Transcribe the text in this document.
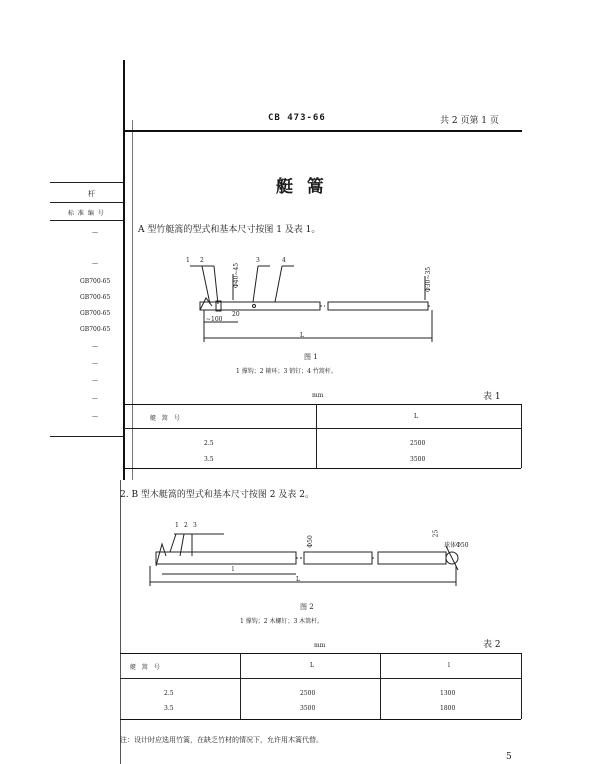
CB 473-66	共 2 页第 1 页
艇 篙
杆
标 准 编 号
—
—
GB700-65
GB700-65
GB700-65
GB700-65
—
—
—
—
—
A 型竹艇篙的型式和基本尺寸按图 1 及表 1。
1 2	3	4
Φ40~45	Φ30~35
~100
20
L
图 1
1 撑钩；2 箍环；3 销钉；4 竹篙杆。
mm	表 1
艇 篙 号	L
2.5	2500
3.5	3500
2. B 型木艇篙的型式和基本尺寸按图 2 及表 2。
1 2 3
Φ50
25
球体Φ50
l
L
图 2
1 撑钩；2 木螺钉；3 木篙杆。
mm	表 2
艇 篙 号	L	l
2.5	2500	1300
3.5	3500	1800
注：设计时应选用竹篙，在缺乏竹材的情况下，允许用木篙代替。
5
